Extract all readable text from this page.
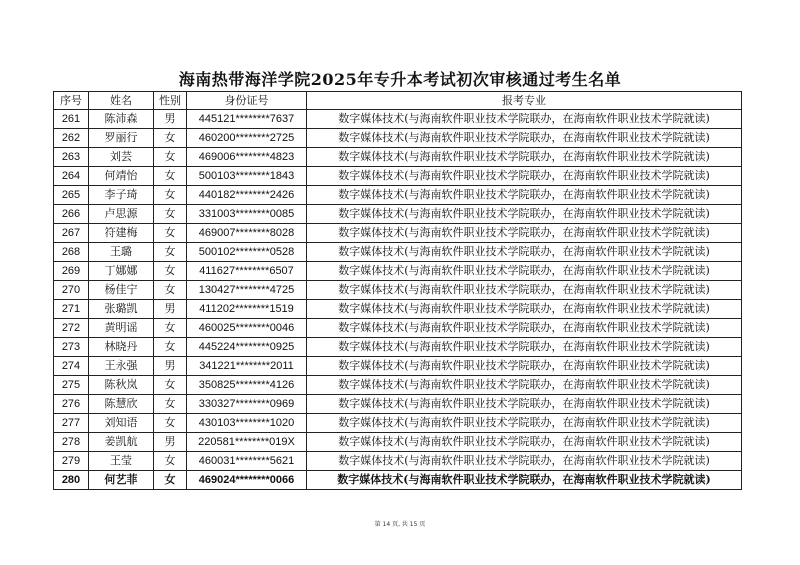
海南热带海洋学院2025年专升本考试初次审核通过考生名单
序号	姓名	性别	身份证号	报考专业
261	陈沛森	男	445121********7637	数字媒体技术(与海南软件职业技术学院联办，在海南软件职业技术学院就读)
262	罗丽行	女	460200********2725	数字媒体技术(与海南软件职业技术学院联办，在海南软件职业技术学院就读)
263	刘芸	女	469006********4823	数字媒体技术(与海南软件职业技术学院联办，在海南软件职业技术学院就读)
264	何靖怡	女	500103********1843	数字媒体技术(与海南软件职业技术学院联办，在海南软件职业技术学院就读)
265	李子琦	女	440182********2426	数字媒体技术(与海南软件职业技术学院联办，在海南软件职业技术学院就读)
266	卢思源	女	331003********0085	数字媒体技术(与海南软件职业技术学院联办，在海南软件职业技术学院就读)
267	符建梅	女	469007********8028	数字媒体技术(与海南软件职业技术学院联办，在海南软件职业技术学院就读)
268	王璐	女	500102********0528	数字媒体技术(与海南软件职业技术学院联办，在海南软件职业技术学院就读)
269	丁娜娜	女	411627********6507	数字媒体技术(与海南软件职业技术学院联办，在海南软件职业技术学院就读)
270	杨佳宁	女	130427********4725	数字媒体技术(与海南软件职业技术学院联办，在海南软件职业技术学院就读)
271	张璐凯	男	411202********1519	数字媒体技术(与海南软件职业技术学院联办，在海南软件职业技术学院就读)
272	黄明谣	女	460025********0046	数字媒体技术(与海南软件职业技术学院联办，在海南软件职业技术学院就读)
273	林晓丹	女	445224********0925	数字媒体技术(与海南软件职业技术学院联办，在海南软件职业技术学院就读)
274	王永强	男	341221********2011	数字媒体技术(与海南软件职业技术学院联办，在海南软件职业技术学院就读)
275	陈秋岚	女	350825********4126	数字媒体技术(与海南软件职业技术学院联办，在海南软件职业技术学院就读)
276	陈慧欣	女	330327********0969	数字媒体技术(与海南软件职业技术学院联办，在海南软件职业技术学院就读)
277	刘知语	女	430103********1020	数字媒体技术(与海南软件职业技术学院联办，在海南软件职业技术学院就读)
278	姜凯航	男	220581********019X	数字媒体技术(与海南软件职业技术学院联办，在海南软件职业技术学院就读)
279	王莹	女	460031********5621	数字媒体技术(与海南软件职业技术学院联办，在海南软件职业技术学院就读)
280	何艺菲	女	469024********0066	数字媒体技术(与海南软件职业技术学院联办，在海南软件职业技术学院就读)
第 14 页, 共 15 页
